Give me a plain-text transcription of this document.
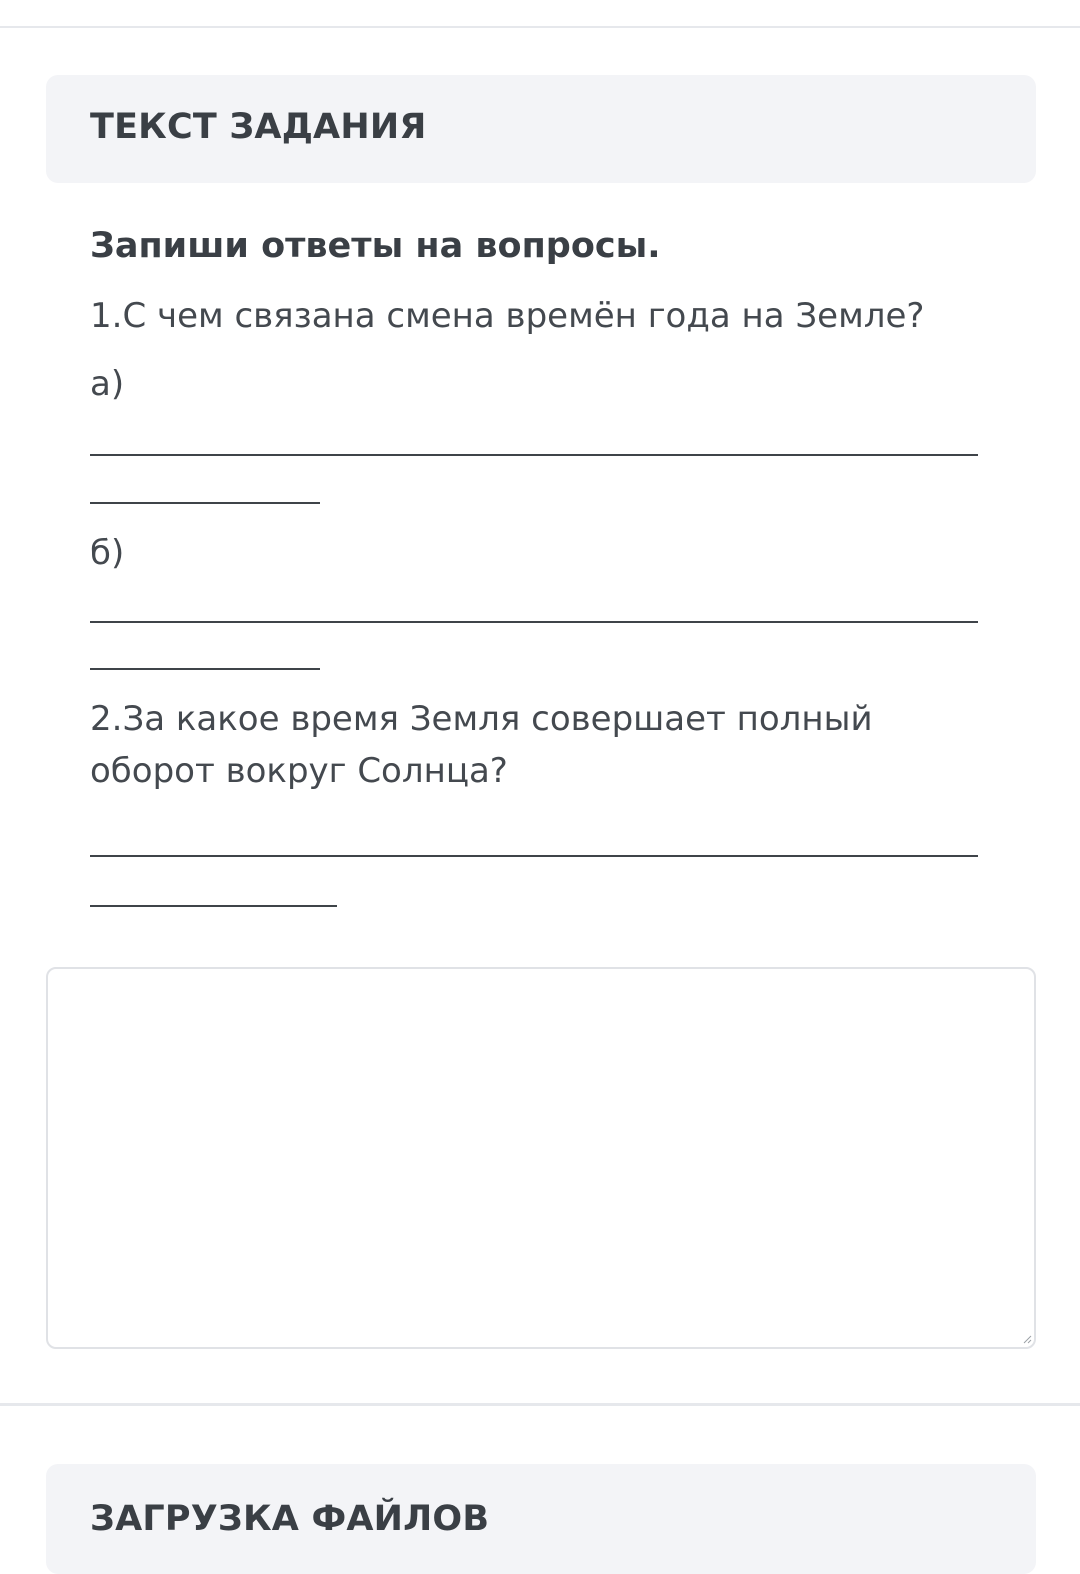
ТЕКСТ ЗАДАНИЯ

Запиши ответы на вопросы.

1.С чем связана смена времён года на Земле?

а)

б)

2.За какое время Земля совершает полный оборот вокруг Солнца?

ЗАГРУЗКА ФАЙЛОВ
